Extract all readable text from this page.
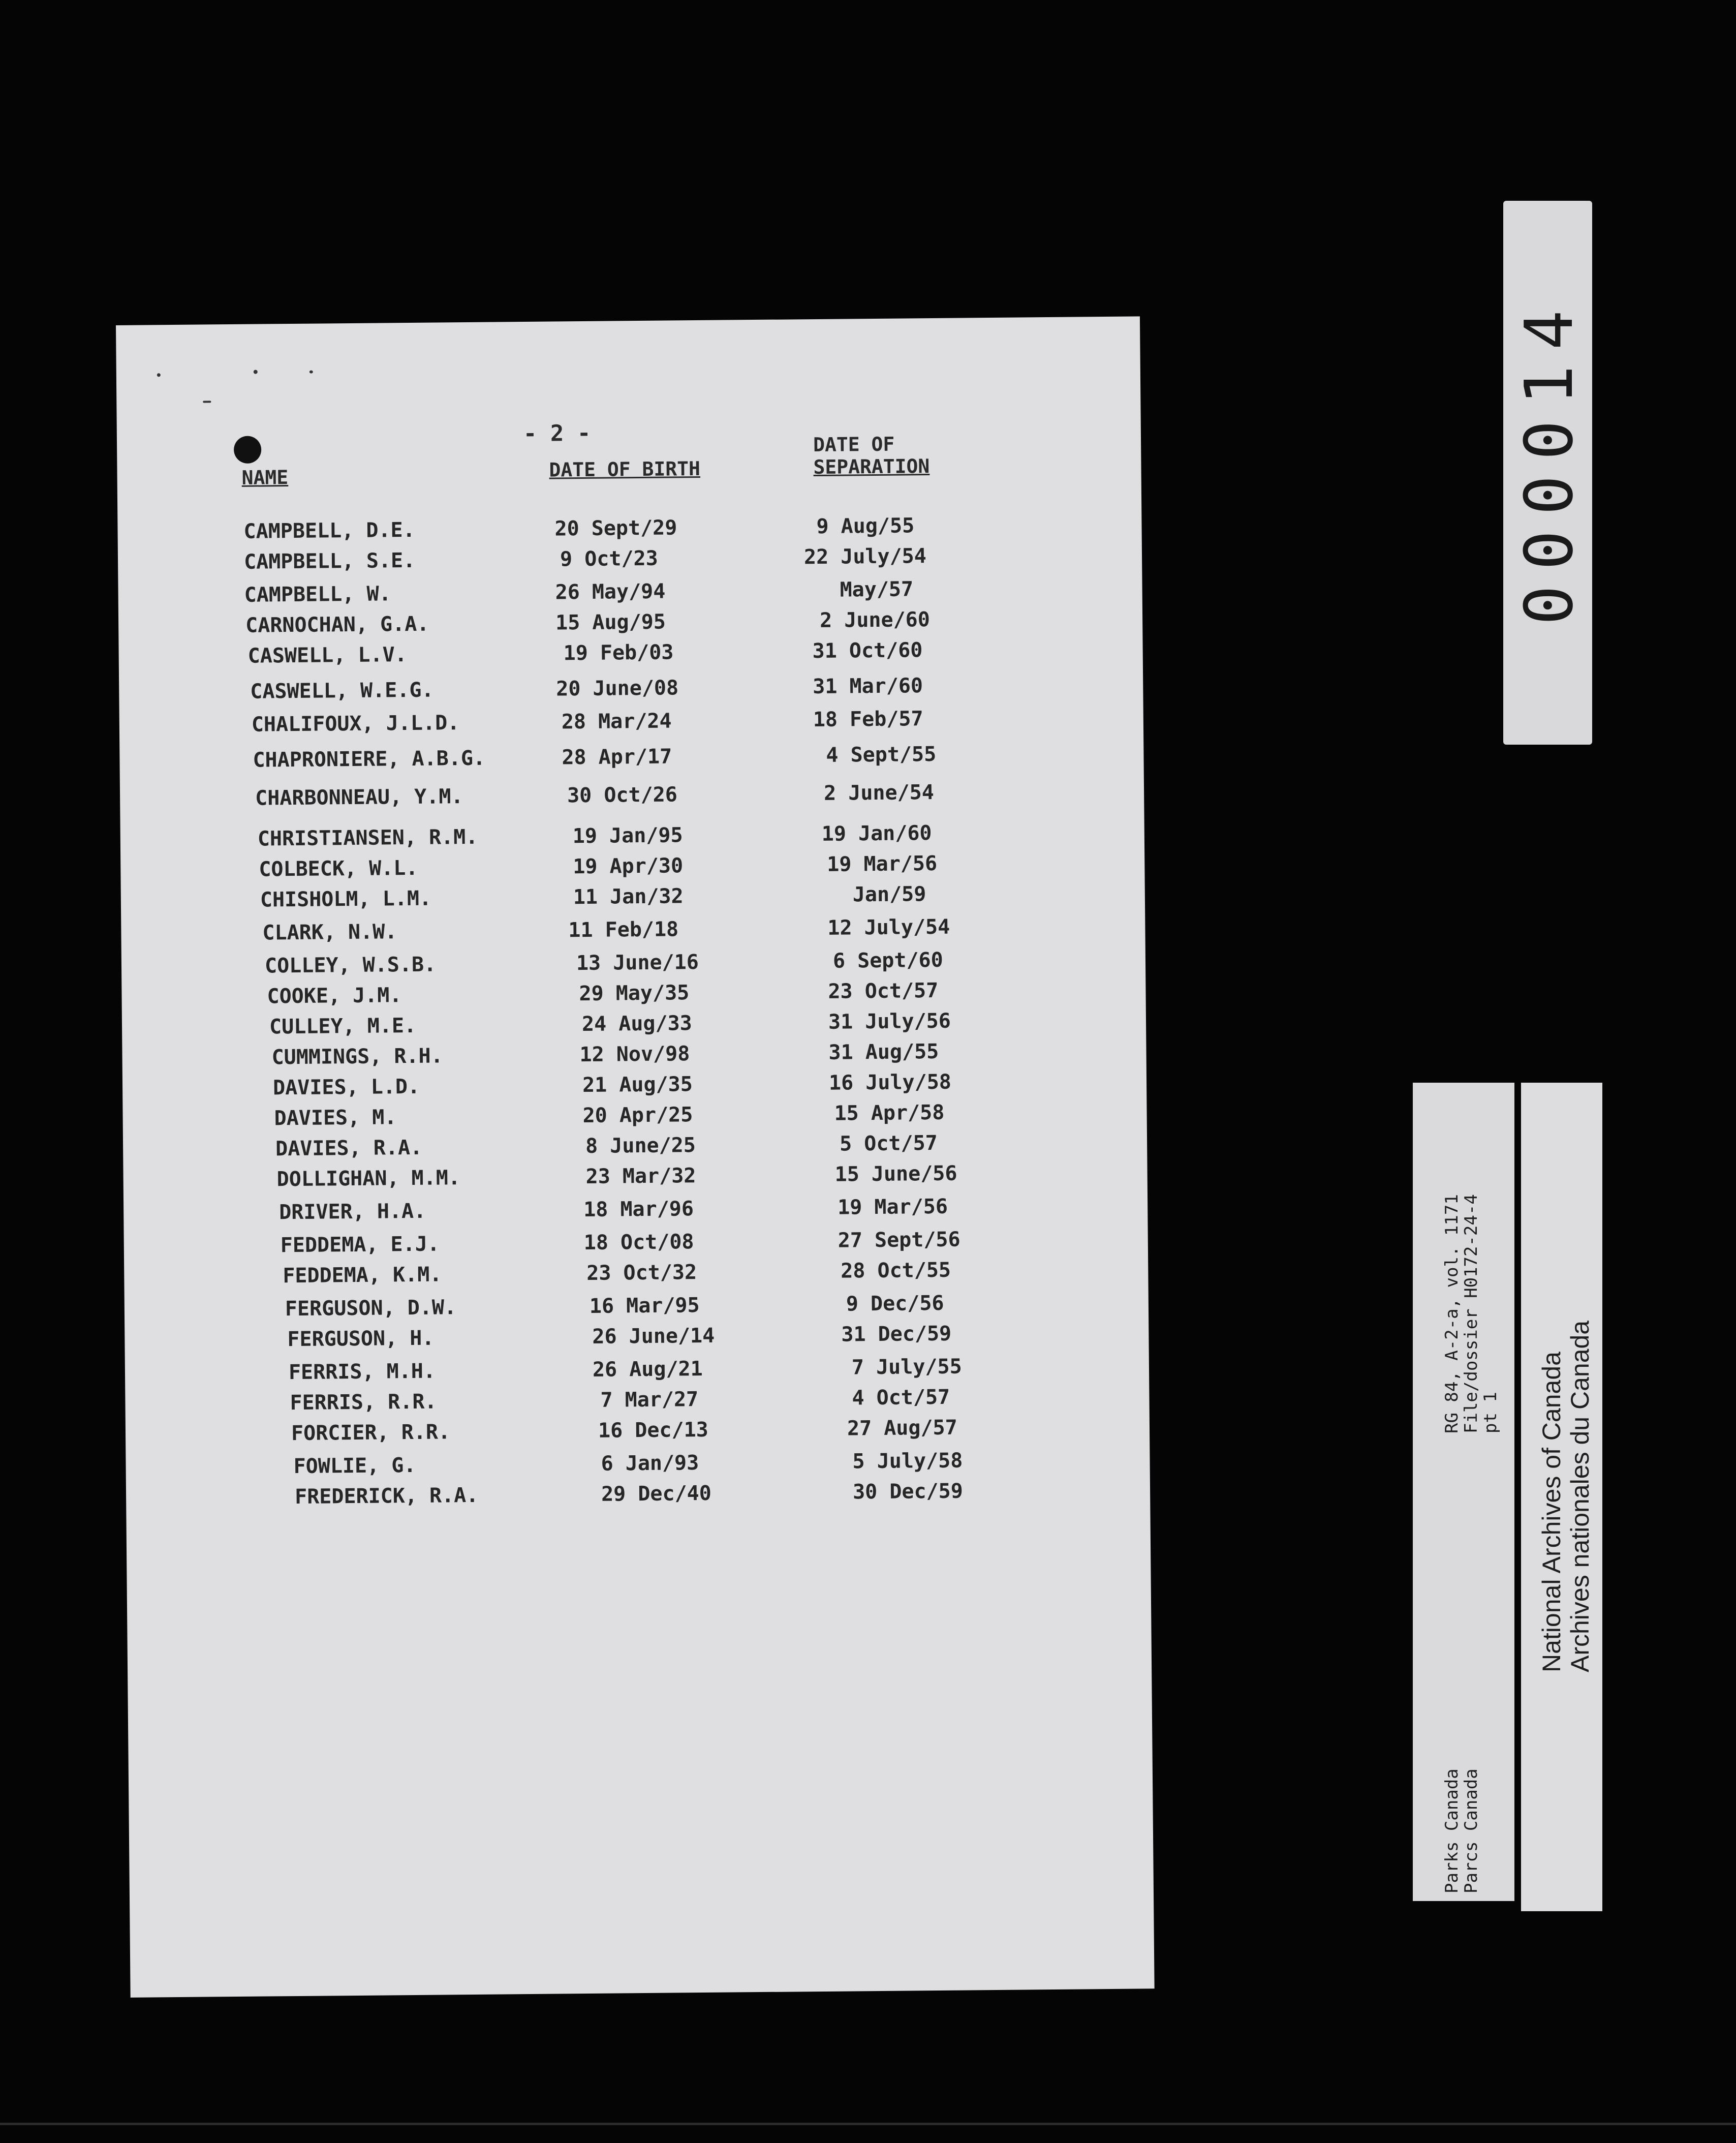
- 2 -
NAME	DATE OF BIRTH
DATE OF
SEPARATION
CAMPBELL, D.E.	20 Sept/29	9 Aug/55
CAMPBELL, S.E.	9 Oct/23	22 July/54
CAMPBELL, W.	26 May/94	May/57
CARNOCHAN, G.A.	15 Aug/95	2 June/60
CASWELL, L.V.	19 Feb/03	31 Oct/60
CASWELL, W.E.G.	20 June/08	31 Mar/60
CHALIFOUX, J.L.D.	28 Mar/24	18 Feb/57
CHAPRONIERE, A.B.G.	28 Apr/17	4 Sept/55
CHARBONNEAU, Y.M.	30 Oct/26	2 June/54
CHRISTIANSEN, R.M.	19 Jan/95	19 Jan/60
COLBECK, W.L.	19 Apr/30	19 Mar/56
CHISHOLM, L.M.	11 Jan/32	Jan/59
CLARK, N.W.	11 Feb/18	12 July/54
COLLEY, W.S.B.	13 June/16	6 Sept/60
COOKE, J.M.	29 May/35	23 Oct/57
CULLEY, M.E.	24 Aug/33	31 July/56
CUMMINGS, R.H.	12 Nov/98	31 Aug/55
DAVIES, L.D.	21 Aug/35	16 July/58
DAVIES, M.	20 Apr/25	15 Apr/58
DAVIES, R.A.	8 June/25	5 Oct/57
DOLLIGHAN, M.M.	23 Mar/32	15 June/56
DRIVER, H.A.	18 Mar/96	19 Mar/56
FEDDEMA, E.J.	18 Oct/08	27 Sept/56
FEDDEMA, K.M.	23 Oct/32	28 Oct/55
FERGUSON, D.W.	16 Mar/95	9 Dec/56
FERGUSON, H.	26 June/14	31 Dec/59
FERRIS, M.H.	26 Aug/21	7 July/55
FERRIS, R.R.	7 Mar/27	4 Oct/57
FORCIER, R.R.	16 Dec/13	27 Aug/57
FOWLIE, G.	6 Jan/93	5 July/58
FREDERICK, R.A.	29 Dec/40	30 Dec/59
000014
Parks Canada
Parcs Canada
RG 84, A-2-a, vol. 1171
File/dossier H0172-24-4
pt 1 National Archives of Canada Archives nationales du Canada
